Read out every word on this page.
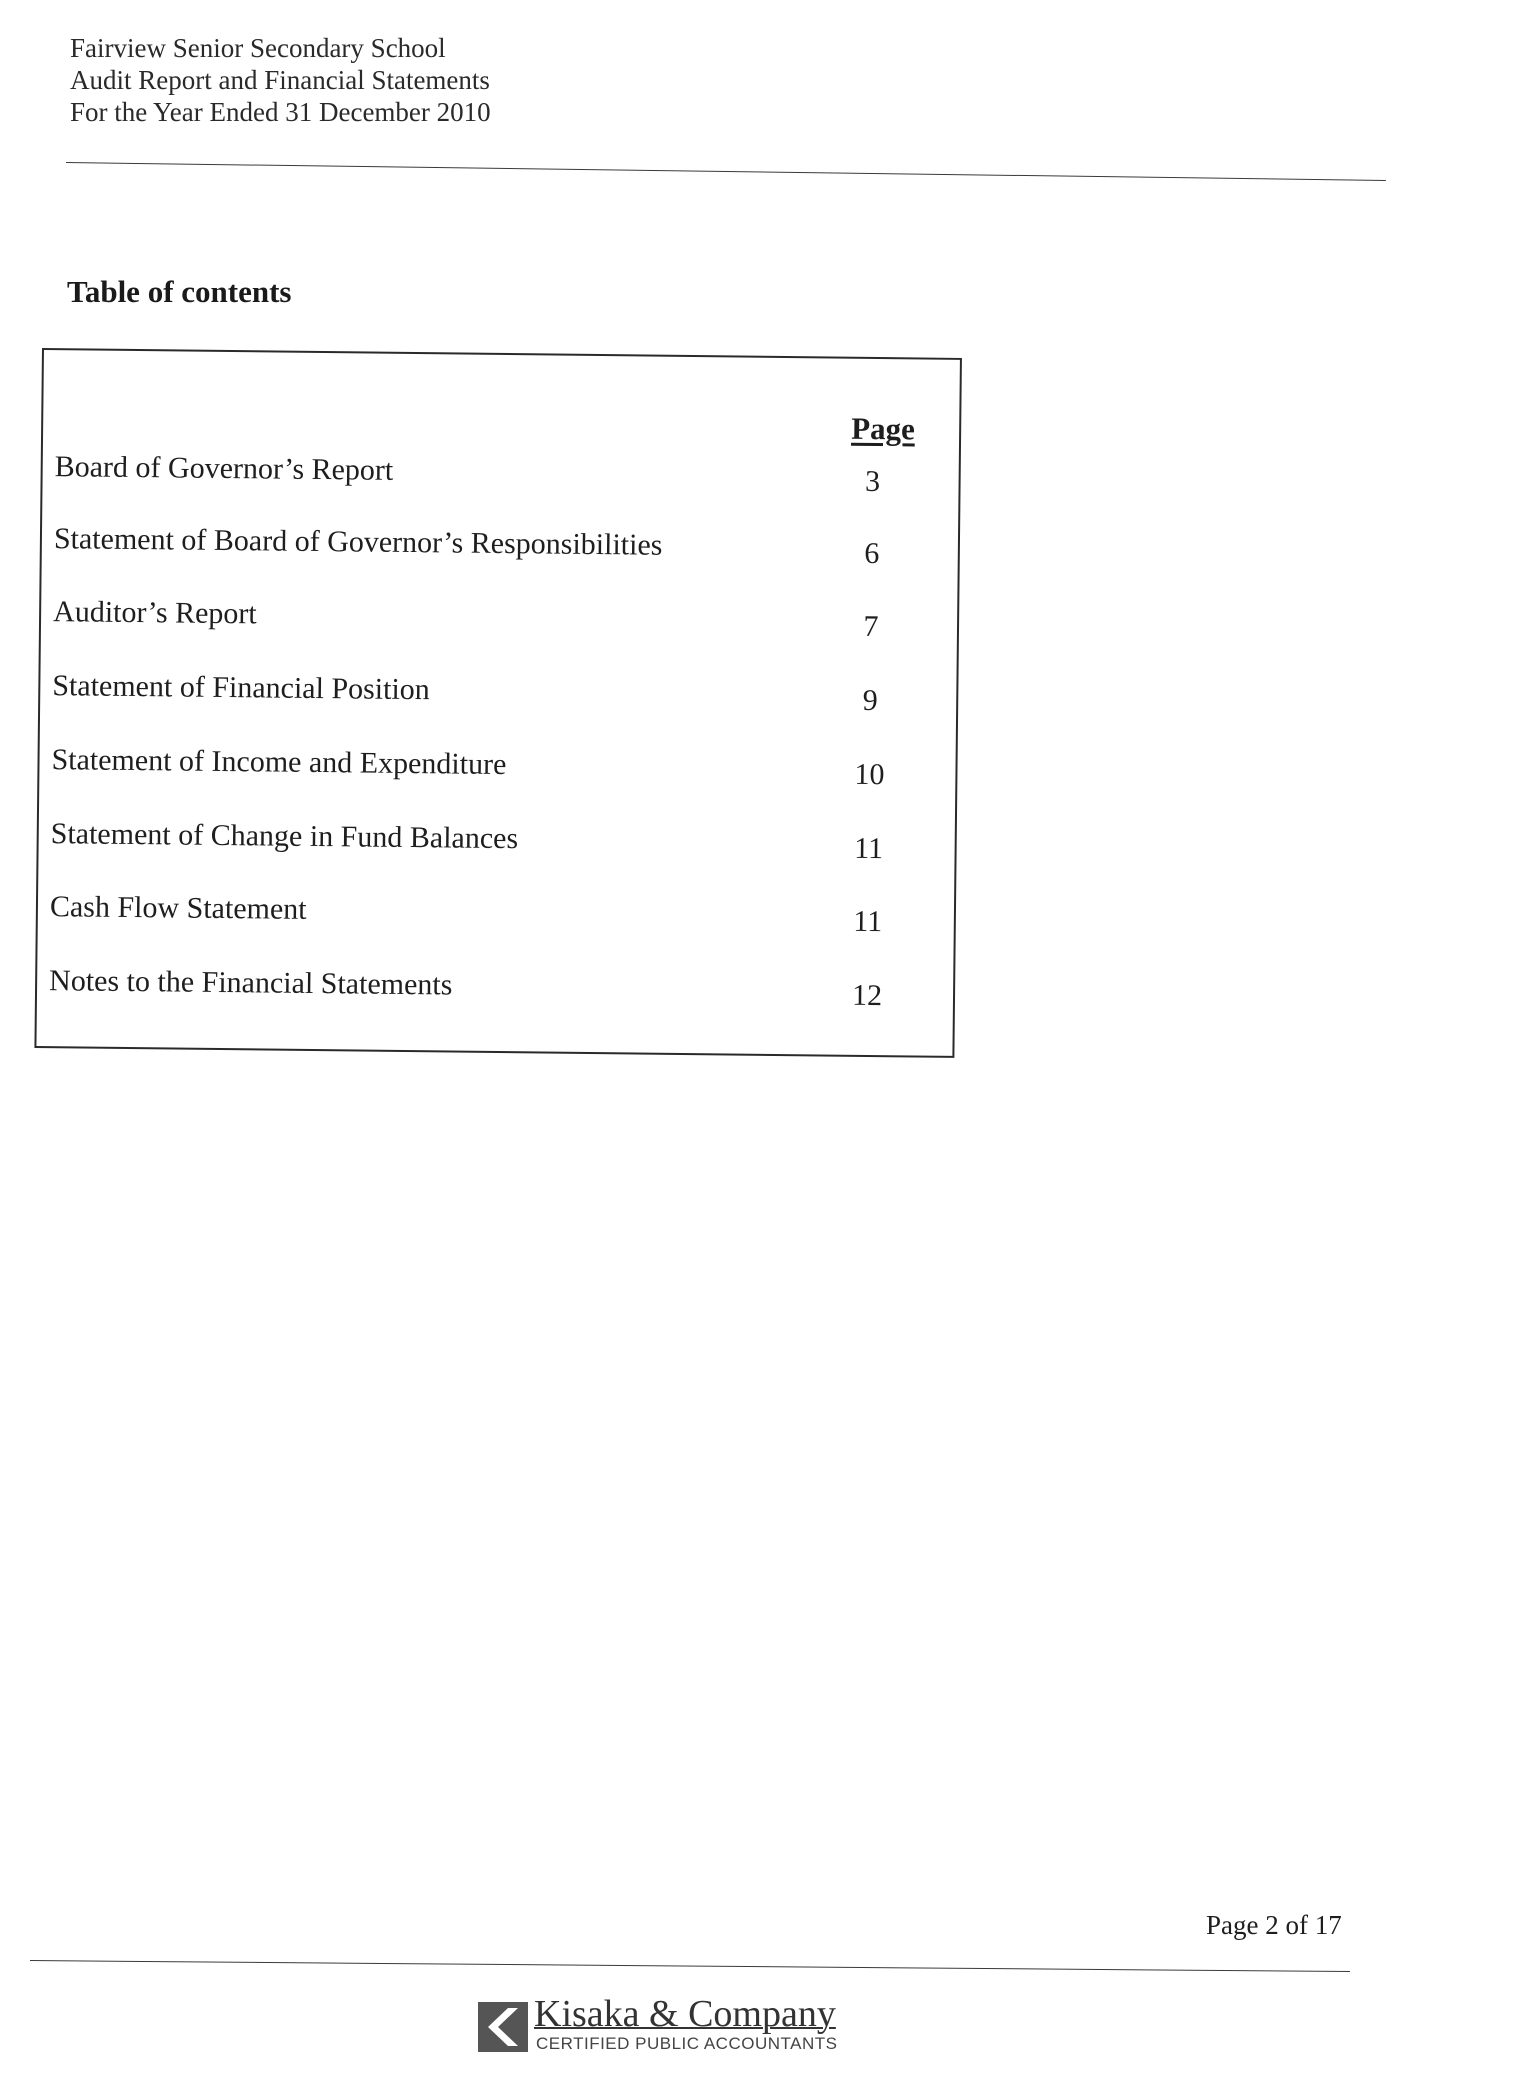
Fairview Senior Secondary School
Audit Report and Financial Statements
For the Year Ended 31 December 2010
Table of contents
Page
Board of Governor’s Report	3
Statement of Board of Governor’s Responsibilities	6
Auditor’s Report	7
Statement of Financial Position	9
Statement of Income and Expenditure	10
Statement of Change in Fund Balances	11
Cash Flow Statement	11
Notes to the Financial Statements	12
Page 2 of 17
Kisaka & Company
CERTIFIED PUBLIC ACCOUNTANTS
